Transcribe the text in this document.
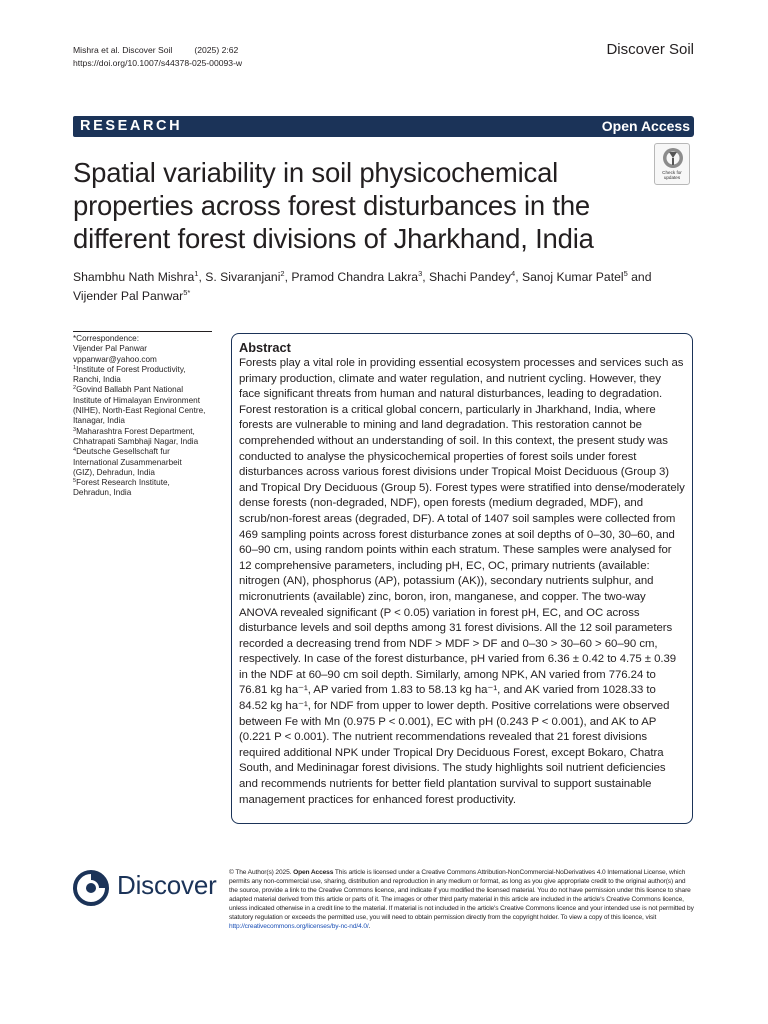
Mishra et al. Discover Soil	(2025) 2:62
https://doi.org/10.1007/s44378-025-00093-w
Discover Soil
RESEARCH	Open Access
Check for
updates
Spatial variability in soil physicochemical properties across forest disturbances in the different forest divisions of Jharkhand, India
Shambhu Nath Mishra$^1$, S. Sivaranjani$^2$, Pramod Chandra Lakra$^3$, Shachi Pandey$^4$, Sanoj Kumar Patel$^5$ and Vijender Pal Panwar$^{5*}$
*Correspondence:
Vijender Pal Panwar
vppanwar@yahoo.com
$^1$Institute of Forest Productivity,
Ranchi, India
$^2$Govind Ballabh Pant National
Institute of Himalayan Environment
(NIHE), North-East Regional Centre,
Itanagar, India
$^3$Maharashtra Forest Department,
Chhatrapati Sambhaji Nagar, India
$^4$Deutsche Gesellschaft fur
International Zusammenarbeit
(GIZ), Dehradun, India
$^5$Forest Research Institute,
Dehradun, India
Abstract
Forests play a vital role in providing essential ecosystem processes and services such as primary production, climate and water regulation, and nutrient cycling. However, they face significant threats from human and natural disturbances, leading to degradation. Forest restoration is a critical global concern, particularly in Jharkhand, India, where forests are vulnerable to mining and land degradation. This restoration cannot be comprehended without an understanding of soil. In this context, the present study was conducted to analyse the physicochemical properties of forest soils under forest disturbances across various forest divisions under Tropical Moist Deciduous (Group 3) and Tropical Dry Deciduous (Group 5). Forest types were stratified into dense/moderately dense forests (non-degraded, NDF), open forests (medium degraded, MDF), and scrub/non-forest areas (degraded, DF). A total of 1407 soil samples were collected from 469 sampling points across forest disturbance zones at soil depths of 0–30, 30–60, and 60–90 cm, using random points within each stratum. These samples were analysed for 12 comprehensive parameters, including pH, EC, OC, primary nutrients (available: nitrogen (AN), phosphorus (AP), potassium (AK)), secondary nutrients sulphur, and micronutrients (available) zinc, boron, iron, manganese, and copper. The two-way ANOVA revealed significant (P < 0.05) variation in forest pH, EC, and OC across disturbance levels and soil depths among 31 forest divisions. All the 12 soil parameters recorded a decreasing trend from NDF > MDF > DF and 0–30 > 30–60 > 60–90 cm, respectively. In case of the forest disturbance, pH varied from 6.36 ± 0.42 to 4.75 ± 0.39 in the NDF at 60–90 cm soil depth. Similarly, among NPK, AN varied from 776.24 to 76.81 kg ha⁻¹, AP varied from 1.83 to 58.13 kg ha⁻¹, and AK varied from 1028.33 to 84.52 kg ha⁻¹, for NDF from upper to lower depth. Positive correlations were observed between Fe with Mn (0.975 P < 0.001), EC with pH (0.243 P < 0.001), and AK to AP (0.221 P < 0.001). The nutrient recommendations revealed that 21 forest divisions required additional NPK under Tropical Dry Deciduous Forest, except Bokaro, Chatra South, and Medininagar forest divisions. The study highlights soil nutrient deficiencies and recommends nutrients for better field plantation survival to support sustainable management practices for enhanced forest productivity.
Discover © The Author(s) 2025. Open Access This article is licensed under a Creative Commons Attribution-NonCommercial-NoDerivatives 4.0 International License, which permits any non-commercial use, sharing, distribution and reproduction in any medium or format, as long as you give appropriate credit to the original author(s) and the source, provide a link to the Creative Commons licence, and indicate if you modified the licensed material. You do not have permission under this licence to share adapted material derived from this article or parts of it. The images or other third party material in this article are included in the article's Creative Commons licence, unless indicated otherwise in a credit line to the material. If material is not included in the article's Creative Commons licence and your intended use is not permitted by statutory regulation or exceeds the permitted use, you will need to obtain permission directly from the copyright holder. To view a copy of this licence, visit http://creativecommons.org/licenses/by-nc-nd/4.0/.
